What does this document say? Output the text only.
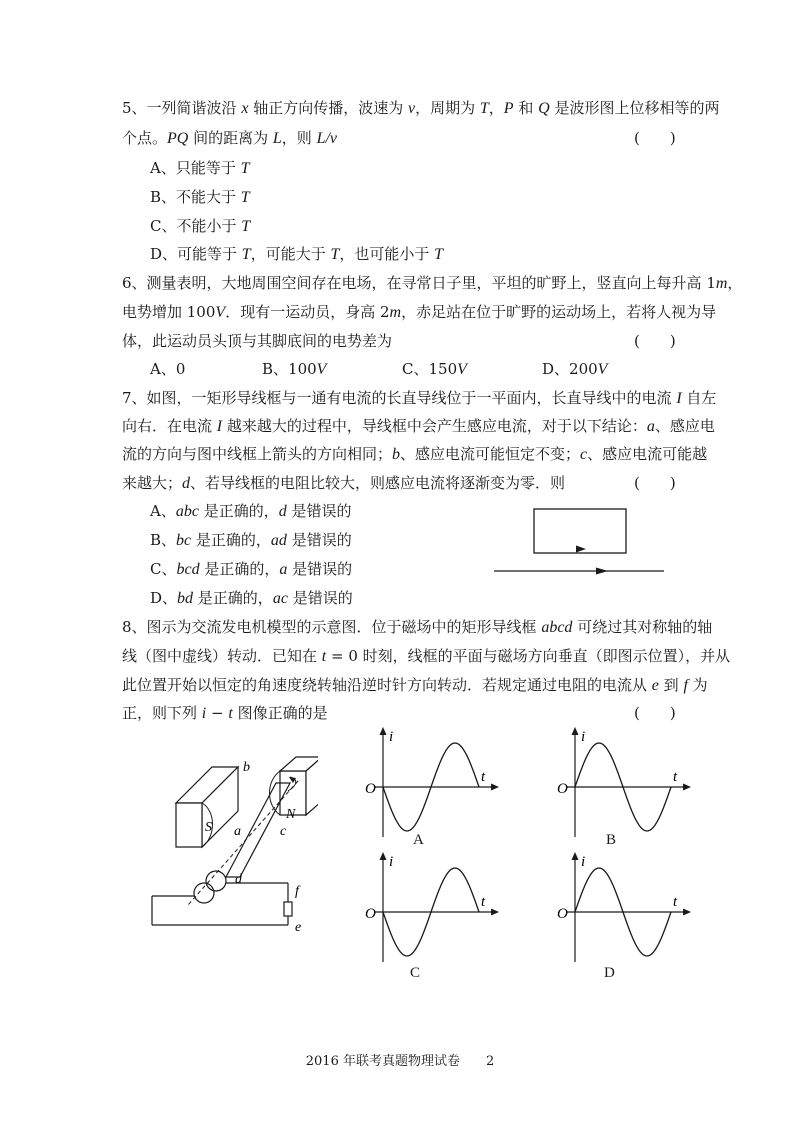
5、一列简谐波沿 x 轴正方向传播，波速为 v，周期为 T，P 和 Q 是波形图上位移相等的两
个点。PQ 间的距离为 L，则 L/v	(　　)
A、只能等于 T
B、不能大于 T
C、不能小于 T
D、可能等于 T，可能大于 T，也可能小于 T
6、测量表明，大地周围空间存在电场，在寻常日子里，平坦的旷野上，竖直向上每升高 1m，
电势增加 100V．现有一运动员，身高 2m，赤足站在位于旷野的运动场上，若将人视为导
体，此运动员头顶与其脚底间的电势差为	(　　)
A、0	B、100V	C、150V	D、200V
7、如图，一矩形导线框与一通有电流的长直导线位于一平面内，长直导线中的电流 I 自左
向右．在电流 I 越来越大的过程中，导线框中会产生感应电流，对于以下结论：a、感应电
流的方向与图中线框上箭头的方向相同；b、感应电流可能恒定不变；c、感应电流可能越
来越大；d、若导线框的电阻比较大，则感应电流将逐渐变为零．则	(　　)
A、abc 是正确的，d 是错误的
B、bc 是正确的，ad 是错误的
C、bcd 是正确的，a 是错误的
D、bd 是正确的，ac 是错误的
8、图示为交流发电机模型的示意图．位于磁场中的矩形导线框 abcd 可绕过其对称轴的轴
线（图中虚线）转动．已知在 t = 0 时刻，线框的平面与磁场方向垂直（即图示位置），并从
此位置开始以恒定的角速度绕转轴沿逆时针方向转动．若规定通过电阻的电流从 e 到 f 为
正，则下列 i − t 图像正确的是	(　　)
S
N
a
b
c
d
f
e
i
t
O
i
t
O
i
t
O
i
t
O
A	B
C	D
2016 年联考真题物理试卷　　2
